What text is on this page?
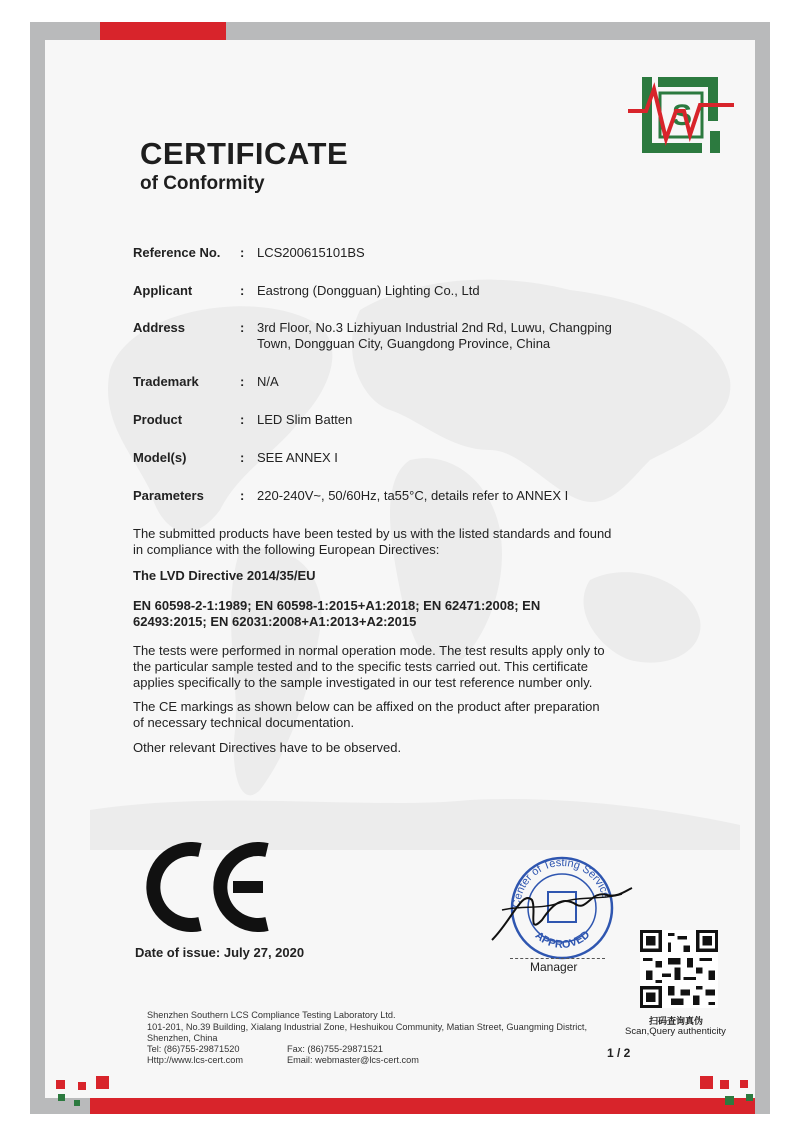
CERTIFICATE
of Conformity
S
Reference No. : LCS200615101BS
Applicant	: Eastrong (Dongguan) Lighting Co., Ltd
Address	: 3rd Floor, No.3 Lizhiyuan Industrial 2nd Rd, Luwu, Changping Town, Dongguan City, Guangdong Province, China
Trademark	: N/A
Product	: LED Slim Batten
Model(s)	: SEE ANNEX I
Parameters	: 220-240V~, 50/60Hz, ta55°C, details refer to ANNEX I
The submitted products have been tested by us with the listed standards and found in compliance with the following European Directives:
The LVD Directive 2014/35/EU
EN 60598-2-1:1989; EN 60598-1:2015+A1:2018; EN 62471:2008; EN 62493:2015; EN 62031:2008+A1:2013+A2:2015
The tests were performed in normal operation mode. The test results apply only to the particular sample tested and to the specific tests carried out. This certificate applies specifically to the sample investigated in our test reference number only.
The CE markings as shown below can be affixed on the product after preparation of necessary technical documentation.
Other relevant Directives have to be observed.
Date of issue: July 27, 2020
Center of Testing Service
APPROVED
Manager
扫码查询真伪
Scan,Query authenticity
Shenzhen Southern LCS Compliance Testing Laboratory Ltd.
101-201, No.39 Building, Xialang Industrial Zone, Heshuikou Community, Matian Street, Guangming District,
Shenzhen, China
Tel: (86)755-29871520	Fax: (86)755-29871521
Http://www.lcs-cert.com	Email: webmaster@lcs-cert.com	1 / 2
